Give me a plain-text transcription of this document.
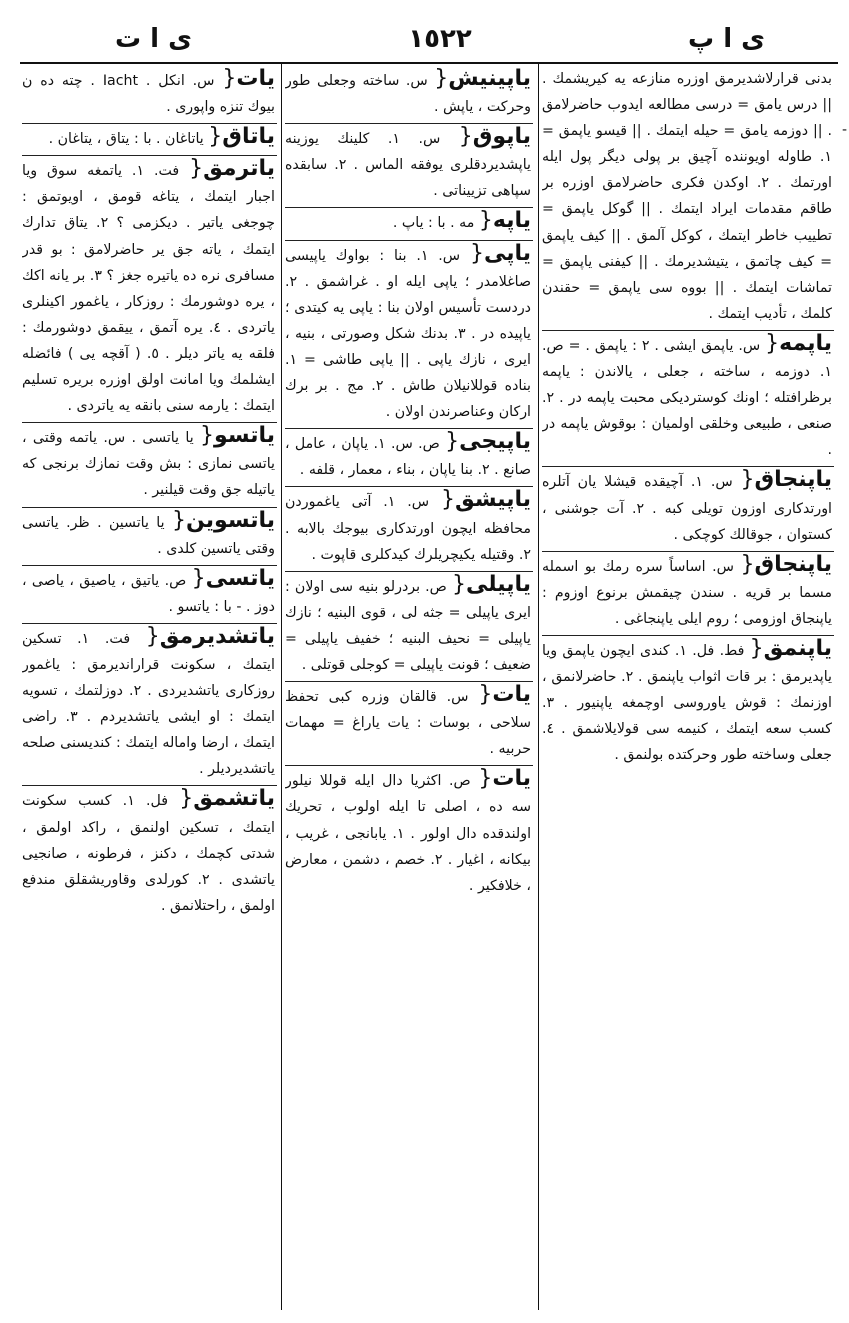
ی ا ت	١٥٢٢	ی ا پ
-

بدنی قرارلاشدیرمق اوزره منازعه یه کیریشمك . || درس یامق = درسی مطالعه ایدوب حاضرلامق . || دوزمه یامق = حیله ایتمك . || قیسو یاپمق = ١. طاوله اویوننده آچیق بر پولی دیگر پول ایله اورتمك . ٢. اوکدن فکری حاضرلامق اوزره بر طاقم مقدمات ایراد ایتمك . || گوکل یاپمق = تطییب خاطر ایتمك ، کوکل آلمق . || کیف یاپمق = کیف چاتمق ، یتیشدیرمك . || کیفنی یاپمق = تماشات ایتمك . || بووه سی یاپمق = حقندن کلمك ، تأدیب ایتمك .

یاپمه{ س. یاپمق ایشی . ٢ : یاپمق . = ص. ١. دوزمه ، ساخته ، جعلی ، یالاندن : یاپمه برظرافتله ؛ اونك کوستردیکی محبت یاپمه در . ٢. صنعی ، طبیعی وخلقی اولمیان : بوقوش یاپمه در .

یاپنجاق{ س. ١. آچیقده قیشلا یان آتلره اورتدکاری اوزون تویلی کبه . ٢. آت جوشنی ، کستوان ، جوقالك کوچکی .

یاپنجاق{ س. اساساً سره رمك بو اسمله مسما بر قریه . سندن چیقمش برنوع اوزوم : یاپنجاق اوزومی ؛ روم ایلی یاپنجاغی .

یاپنمق{ فط. فل. ١. کندی ایچون یاپمق ویا یاپدیرمق : بر قات اثواب یاپنمق . ٢. حاضرلانمق ، اوزنمك : قوش یاوروسی اوچمغه یاپنیور . ٣. کسب سعه ایتمك ، کنیمه سی قولایلاشمق . ٤. جعلی وساخته طور وحرکتده بولنمق .

یاپینیش{ س. ساخته وجعلی طور وحرکت ، یاپش .

یاپوق{ س. ١. کلینك یوزینه یاپشدیردقلری یوفقه الماس . ٢. سابقده سپاهی تزییناتی .

یاپه{ مه . با : یاپ .

یاپی{ س. ١. بنا : بواوك یاپیسی صاغلامدر ؛ یاپی ایله او . غراشمق . ٢. دردست تأسیس اولان بنا : یاپی یه کیتدی ؛ یاپیده در . ٣. بدنك شکل وصورتی ، بنیه ، ایری ، نازك یاپی . || یاپی طاشی = ١. بناده قوللانیلان طاش . ٢. مج . بر برك ارکان وعناصرندن اولان .

یاپیجی{ ص. س. ١. یاپان ، عامل ، صانع . ٢. بنا یاپان ، بناء ، معمار ، قلفه .

یاپیشق{ س. ١. آتی یاغموردن محافظه ایچون اورتدکاری بیوجك بالابه . ٢. وقتیله یکیچریلرك کیدکلری قاپوت .

یاپیلی{ ص. بردرلو بنیه سی اولان : ایری یاپیلی = جثه لی ، قوی البنیه ؛ نازك یاپیلی = نحیف البنیه ؛ خفیف یاپیلی = ضعیف ؛ قونت یاپیلی = کوجلی قوتلی .

یات{ س. قالقان وزره کبی تحفظ سلاحی ، بوسات : یات یاراغ = مهمات حربیه .

یات{ ص. اکثریا دال ایله قوللا نیلور سه ده ، اصلی تا ایله اولوب ، تحریك اولندقده دال اولور . ١. یابانجی ، غریب ، بیکانه ، اغیار . ٢. خصم ، دشمن ، معارض ، خلافکیر .

یات{ س. انکل . Iacht . چته ده ن بیوك تنزه واپوری .

یاتاق{ یاتاغان . با : یتاق ، یتاغان .

یاترمق{ فت. ١. یاتمغه سوق ویا اجبار ایتمك ، یتاغه قومق ، اویوتمق : چوجغی یاتیر . دیکزمی ؟ ٢. یتاق تدارك ایتمك ، یاته جق یر حاضرلامق : بو قدر مسافری نره ده یاتیره جغز ؟ ٣. بر یانه اکك ، یره دوشورمك : روزکار ، یاغمور اکینلری یاتردی . ٤. یره آتمق ، ییقمق دوشورمك : فلقه یه یاتر دیلر . ٥. ( آقچه یی ) فائضله ایشلمك ویا امانت اولق اوزره بریره تسلیم ایتمك : یارمه سنی بانقه یه یاتردی .

یاتسو{ یا یاتسی . س. یاتمه وقتی ، یاتسی نمازی : بش وقت نمازك برنجی که یاتیله جق وقت قیلنیر .

یاتسوین{ یا یاتسین . ظر. یاتسی وقتی یاتسین کلدی .

یاتسی{ ص. یاتیق ، یاصیق ، یاصی ، دوز . - با : یاتسو .

یاتشدیرمق{ فت. ١. تسکین ایتمك ، سکونت قراراندیرمق : یاغمور روزکاری یاتشدیردی . ٢. دوزلتمك ، تسویه ایتمك : او ایشی یاتشدیردم . ٣. راضی ایتمك ، ارضا واماله ایتمك : کندیسنی صلحه یاتشدیردیلر .

یاتشمق{ فل. ١. کسب سکونت ایتمك ، تسکین اولنمق ، راکد اولمق ، شدتی کچمك ، دکنز ، فرطونه ، صانجیی یاتشدی . ٢. کورلدی وقاوریشقلق مندفع اولمق ، راحتلانمق .
